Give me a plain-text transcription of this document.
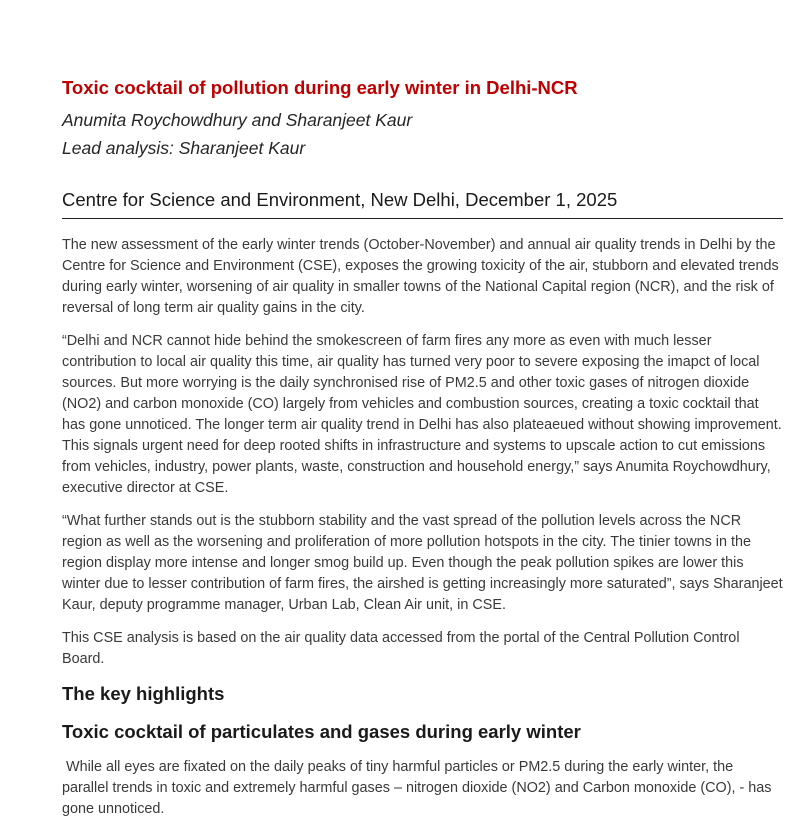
Toxic cocktail of pollution during early winter in Delhi-NCR

Anumita Roychowdhury and Sharanjeet Kaur

Lead analysis: Sharanjeet Kaur

Centre for Science and Environment, New Delhi, December 1, 2025

The new assessment of the early winter trends (October-November) and annual air quality trends in Delhi by the Centre for Science and Environment (CSE), exposes the growing toxicity of the air, stubborn and elevated trends during early winter, worsening of air quality in smaller towns of the National Capital region (NCR), and the risk of reversal of long term air quality gains in the city.

“Delhi and NCR cannot hide behind the smokescreen of farm fires any more as even with much lesser contribution to local air quality this time, air quality has turned very poor to severe exposing the imapct of local sources. But more worrying is the daily synchronised rise of PM2.5 and other toxic gases of nitrogen dioxide (NO2) and carbon monoxide (CO) largely from vehicles and combustion sources, creating a toxic cocktail that has gone unnoticed. The longer term air quality trend in Delhi has also plateaeued without showing improvement. This signals urgent need for deep rooted shifts in infrastructure and systems to upscale action to cut emissions from vehicles, industry, power plants, waste, construction and household energy,” says Anumita Roychowdhury, executive director at CSE.

“What further stands out is the stubborn stability and the vast spread of the pollution levels across the NCR region as well as the worsening and proliferation of more pollution hotspots in the city. The tinier towns in the region display more intense and longer smog build up. Even though the peak pollution spikes are lower this winter due to lesser contribution of farm fires, the airshed is getting increasingly more saturated”, says Sharanjeet Kaur, deputy programme manager, Urban Lab, Clean Air unit, in CSE.

This CSE analysis is based on the air quality data accessed from the portal of the Central Pollution Control Board.

The key highlights
Toxic cocktail of particulates and gases during early winter

While all eyes are fixated on the daily peaks of tiny harmful particles or PM2.5 during the early winter, the parallel trends in toxic and extremely harmful gases – nitrogen dioxide (NO2) and Carbon monoxide (CO), - has gone unnoticed.
